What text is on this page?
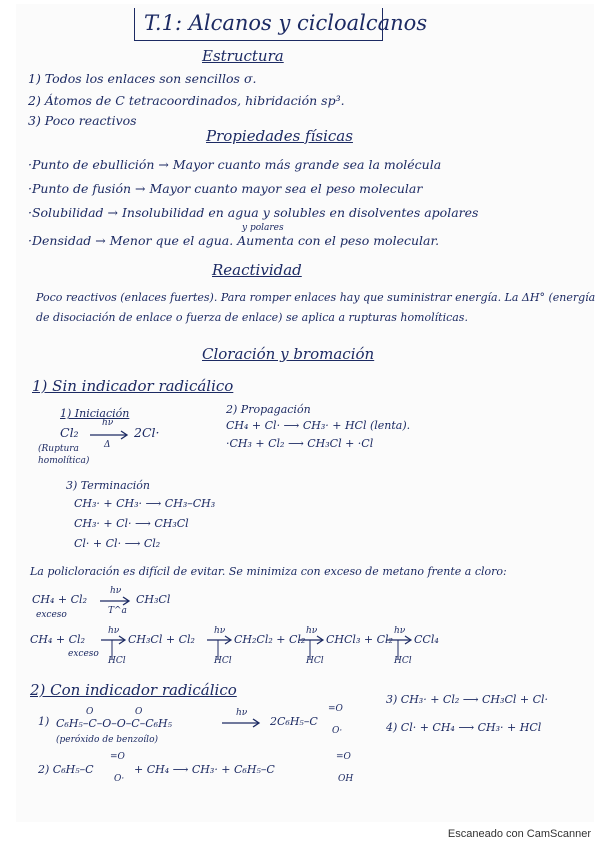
T.1: Alcanos y cicloalcanos
Estructura
1) Todos los enlaces son sencillos σ.
2) Átomos de C tetracoordinados, hibridación sp³.
3) Poco reactivos
Propiedades físicas
·Punto de ebullición → Mayor cuanto más grande sea la molécula
·Punto de fusión → Mayor cuanto mayor sea el peso molecular
·Solubilidad → Insolubilidad en agua y solubles en disolventes apolares
y polares
·Densidad → Menor que el agua. Aumenta con el peso molecular.
Reactividad
Poco reactivos (enlaces fuertes). Para romper enlaces hay que suministrar energía. La ΔH° (energía
de disociación de enlace o fuerza de enlace) se aplica a rupturas homolíticas.
Cloración y bromación
1) Sin indicador radicálico
1) Iniciación
Cl₂
hν
Δ
2Cl·
(Ruptura
homolítica)
2) Propagación
CH₄ + Cl· ⟶ CH₃· + HCl (lenta).
·CH₃ + Cl₂ ⟶ CH₃Cl + ·Cl
3) Terminación
CH₃· + CH₃· ⟶ CH₃–CH₃
CH₃· + Cl· ⟶ CH₃Cl
Cl· + Cl· ⟶ Cl₂
La policloración es difícil de evitar. Se minimiza con exceso de metano frente a cloro:
CH₄ + Cl₂
exceso
hν
T^a
CH₃Cl
CH₄ + Cl₂
exceso
hν
HCl
CH₃Cl + Cl₂
hν
HCl
CH₂Cl₂ + Cl₂
hν
HCl
CHCl₃ + Cl₂
hν
HCl
CCl₄
2) Con indicador radicálico
1)
O	O
C₆H₅–C–O–O–C–C₆H₅
(peróxido de benzoílo)
hν
2C₆H₅–C
=O
O·
3) CH₃· + Cl₂ ⟶ CH₃Cl + Cl·
4) Cl· + CH₄ ⟶ CH₃· + HCl
2) C₆H₅–C
=O
O·
+ CH₄ ⟶ CH₃· + C₆H₅–C
=O
OH
Escaneado con CamScanner
